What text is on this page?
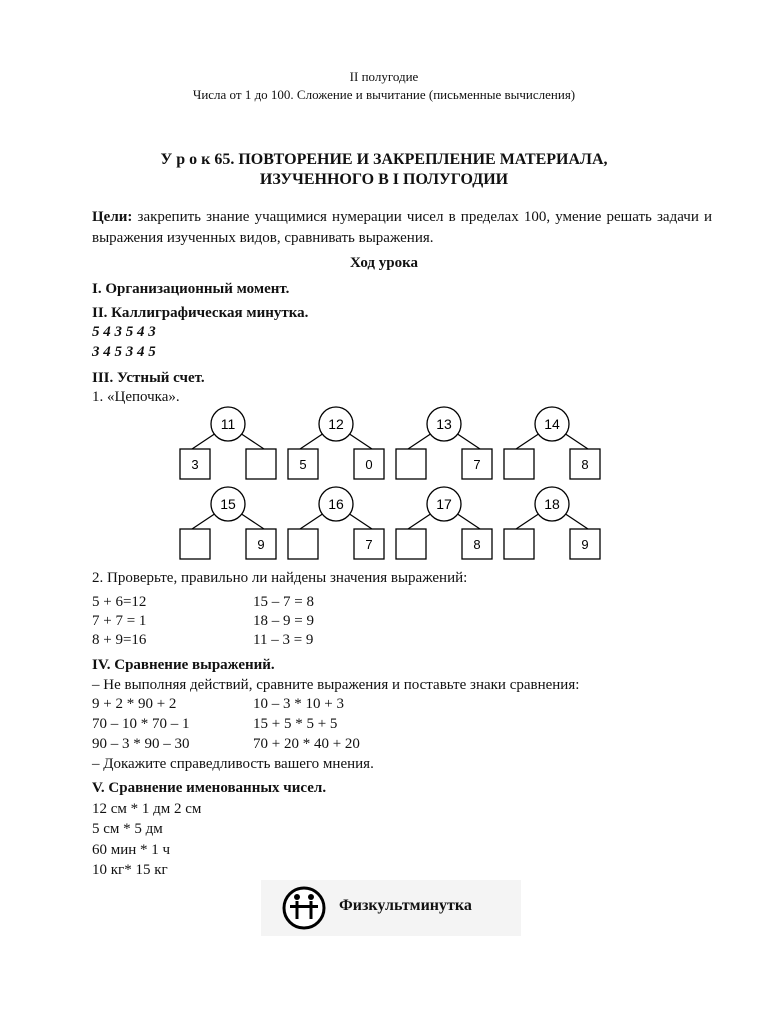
II полугодие
Числа от 1 до 100. Сложение и вычитание (письменные вычисления)
У р о к 65. ПОВТОРЕНИЕ И ЗАКРЕПЛЕНИЕ МАТЕРИАЛА,
ИЗУЧЕННОГО В I ПОЛУГОДИИ
Цели: закрепить знание учащимися нумерации чисел в пределах 100, умение решать задачи и выражения изученных видов, сравнивать выражения.
Ход урока
I. Организационный момент.
II. Каллиграфическая минутка.
5 4 3 5 4 3
3 4 5 3 4 5
III. Устный счет.
1. «Цепочка».
11
3
12
5	0
13
7
14
8
15
9
16
7
17
8
18
9
2. Проверьте, правильно ли найдены значения выражений:
5 + 6=12	15 – 7 = 8
7 + 7 = 1	18 – 9 = 9
8 + 9=16	11 – 3 = 9
IV. Сравнение выражений.
– Не выполняя действий, сравните выражения и поставьте знаки сравнения:
9 + 2 * 90 + 2	10 – 3 * 10 + 3
70 – 10 * 70 – 1	15 + 5 * 5 + 5
90 – 3 * 90 – 30	70 + 20 * 40 + 20
– Докажите справедливость вашего мнения.
V. Сравнение именованных чисел.
12 см * 1 дм 2 см
5 см * 5 дм
60 мин * 1 ч
10 кг* 15 кг
Физкультминутка
